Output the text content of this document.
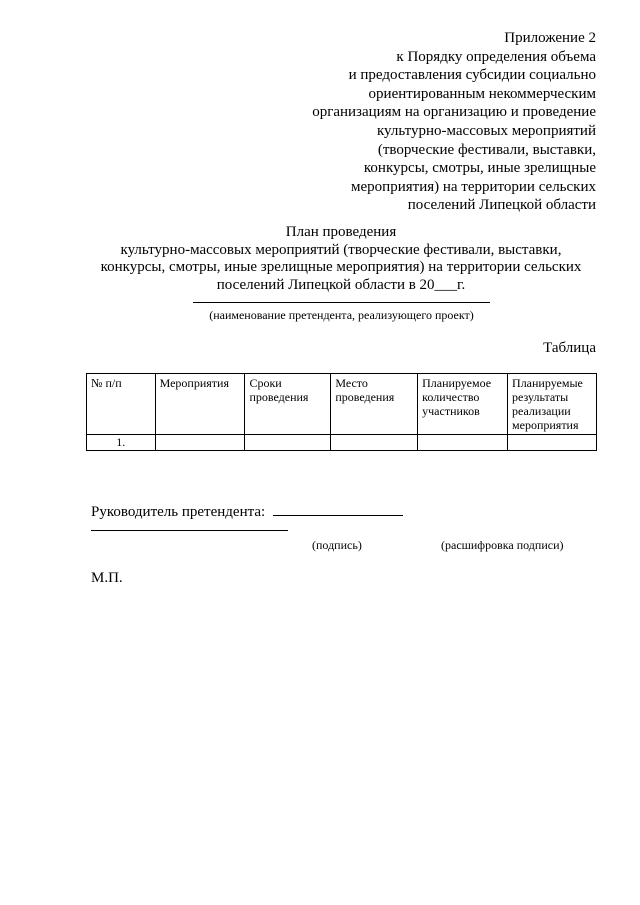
Приложение 2
к Порядку определения объема
и предоставления субсидии социально
ориентированным некоммерческим
организациям на организацию и проведение
культурно-массовых мероприятий
(творческие фестивали, выставки,
конкурсы, смотры, иные зрелищные
мероприятия) на территории сельских
поселений Липецкой области
План проведения
культурно-массовых мероприятий (творческие фестивали, выставки,
конкурсы, смотры, иные зрелищные мероприятия) на территории сельских
поселений Липецкой области в 20___г.
(наименование претендента, реализующего проект)
Таблица
№ п/п	Мероприятия	Сроки проведения	Место проведения	Планируемое количество участников	Планируемые результаты реализации мероприятия
1.					
Руководитель претендента:
(подпись)	(расшифровка подписи)
М.П.
